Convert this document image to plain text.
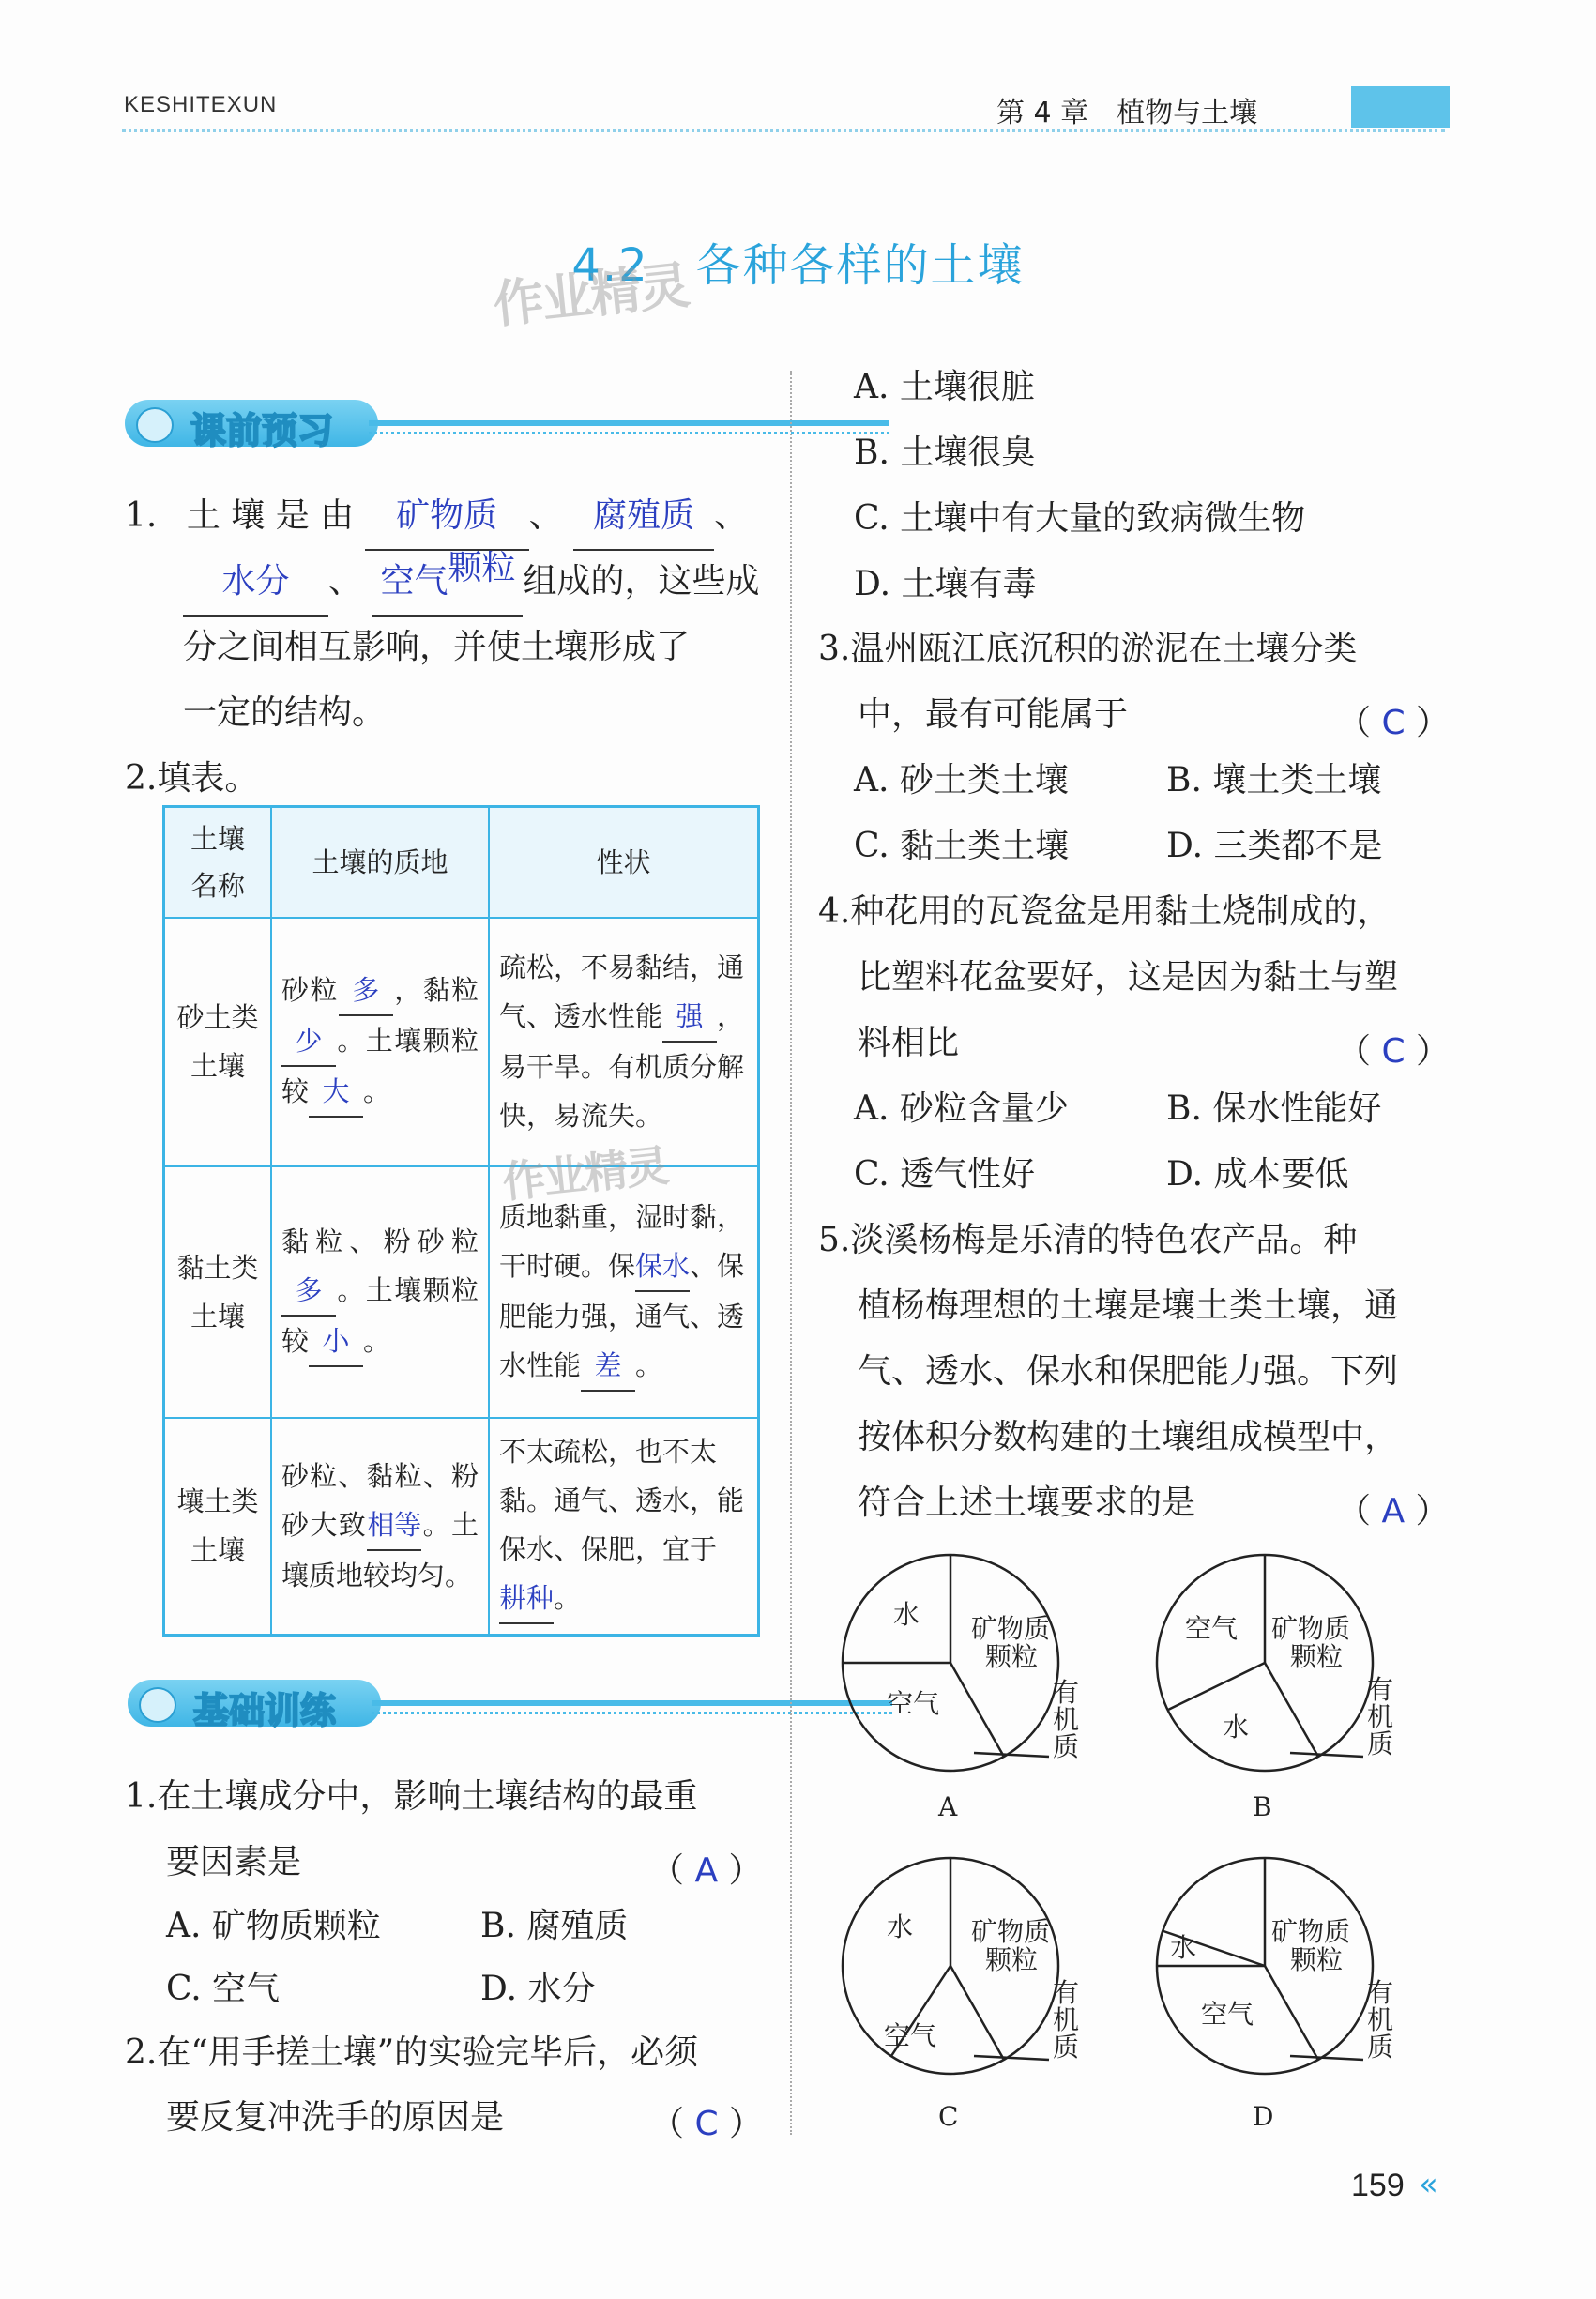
KESHITEXUN	第 4 章　植物与土壤
4.2　各种各样的土壤
作业精灵
课前预习
1. 土 壤 是 由 矿物质 、 腐殖质 、
水分 、 空气颗粒 组成的，这些成
分之间相互影响，并使土壤形成了
一定的结构。
2.填表。
土壤
名称	土壤的质地	性状
砂土类
土壤	砂粒 多 ，黏粒少 。土壤颗粒较 大 。	疏松，不易黏结，通气、透水性能 强 ，易干旱。有机质分解快，易流失。
黏土类
土壤	黏粒、粉砂粒多 。土壤颗粒较 小 。	质地黏重，湿时黏，干时硬。保保水、保肥能力强，通气、透水性能 差 。
壤土类
土壤	砂粒、黏粒、粉砂大致相等。土壤质地较均匀。	不太疏松，也不太黏。通气、透水，能保水、保肥，宜于耕种。
作业精灵
基础训练
1.在土壤成分中，影响土壤结构的最重
要因素是	（ A ）
A. 矿物质颗粒	B. 腐殖质
C. 空气	D. 水分
2.在“用手搓土壤”的实验完毕后，必须
要反复冲洗手的原因是	（ C ）
A. 土壤很脏
B. 土壤很臭
C. 土壤中有大量的致病微生物
D. 土壤有毒
3.温州瓯江底沉积的淤泥在土壤分类
中，最有可能属于	（ C ）
A. 砂土类土壤	B. 壤土类土壤
C. 黏土类土壤	D. 三类都不是
4.种花用的瓦瓷盆是用黏土烧制成的，
比塑料花盆要好，这是因为黏土与塑
料相比	（ C ）
A. 砂粒含量少	B. 保水性能好
C. 透气性好	D. 成本要低
5.淡溪杨梅是乐清的特色农产品。种
植杨梅理想的土壤是壤土类土壤，通
气、透水、保水和保肥能力强。下列
按体积分数构建的土壤组成模型中，
符合上述土壤要求的是	（ A ）
水 矿物质
颗粒
空气	有
机
质
A
空气 矿物质
颗粒
水
有
机
质
B
水 矿物质
颗粒
空气
有
机
质
C
水
矿物质
颗粒
空气
有
机
质
D
159 «
